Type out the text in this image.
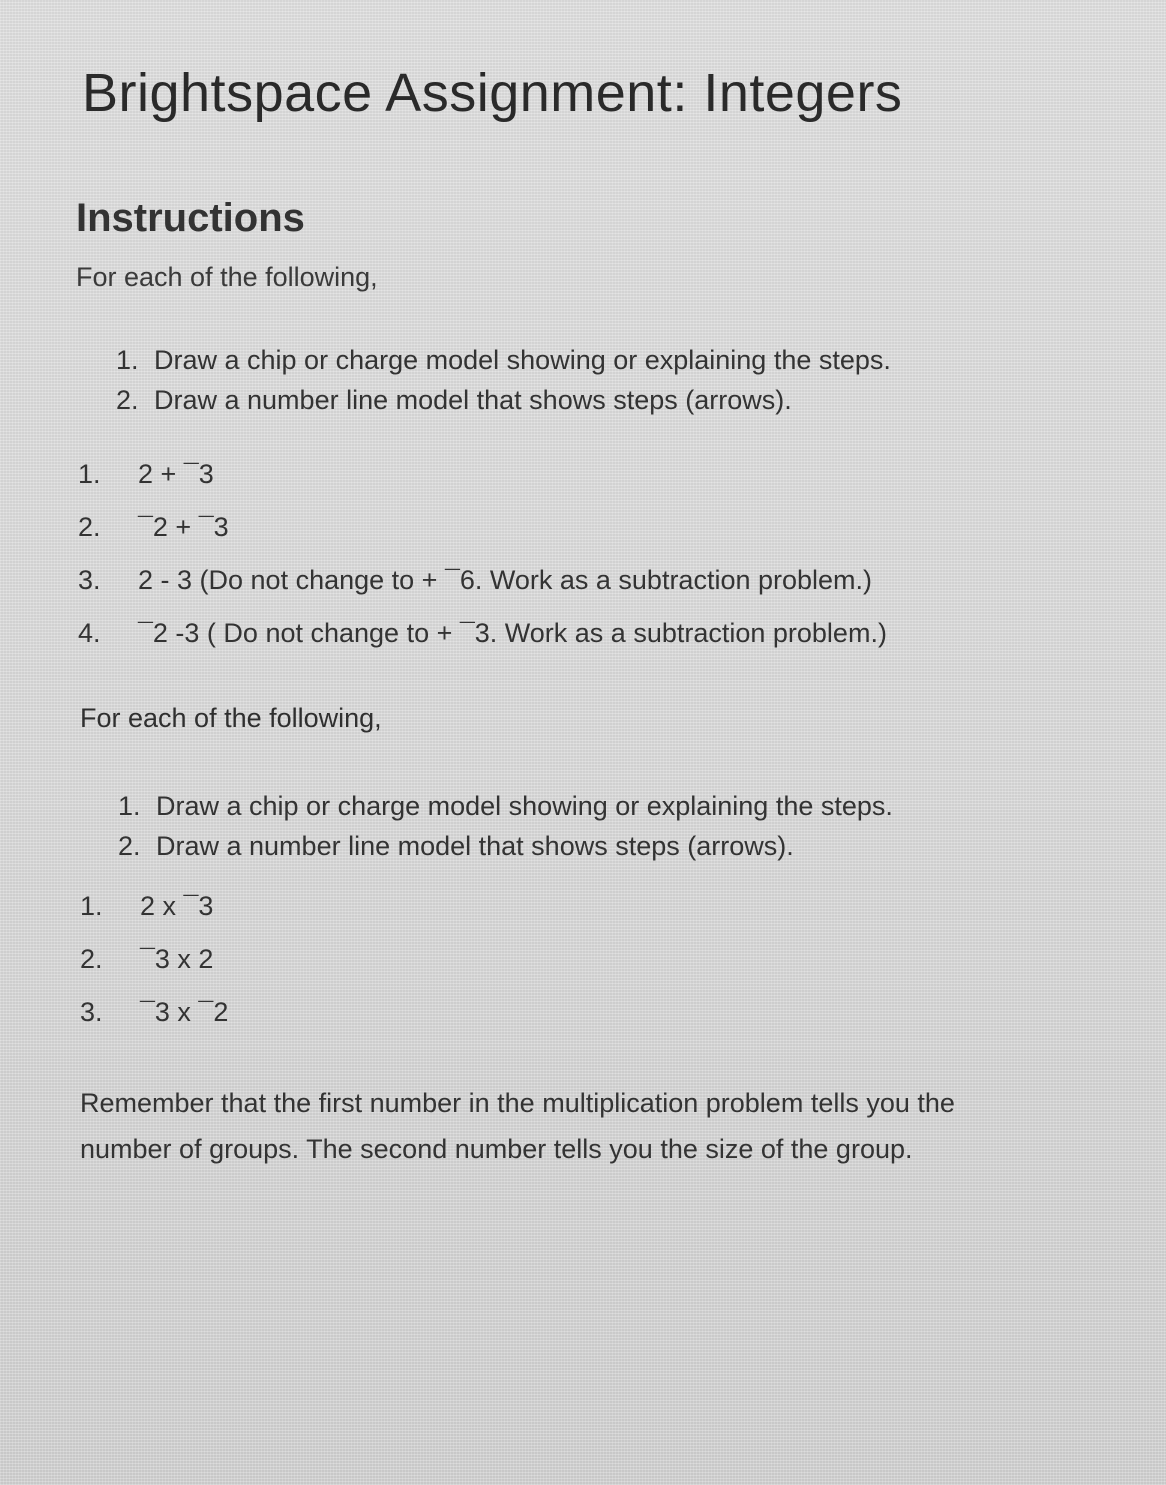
Brightspace Assignment: Integers
Instructions
For each of the following,
1. Draw a chip or charge model showing or explaining the steps.
2. Draw a number line model that shows steps (arrows).
1.	2 + ¯3
2.	¯2 + ¯3
3.	2 - 3 (Do not change to + ¯6. Work as a subtraction problem.)
4.	¯2 -3 ( Do not change to + ¯3. Work as a subtraction problem.)
For each of the following,
1. Draw a chip or charge model showing or explaining the steps.
2. Draw a number line model that shows steps (arrows).
1.	2 x ¯3
2.	¯3 x 2
3.	¯3 x ¯2
Remember that the first number in the multiplication problem tells you the number of groups. The second number tells you the size of the group.
